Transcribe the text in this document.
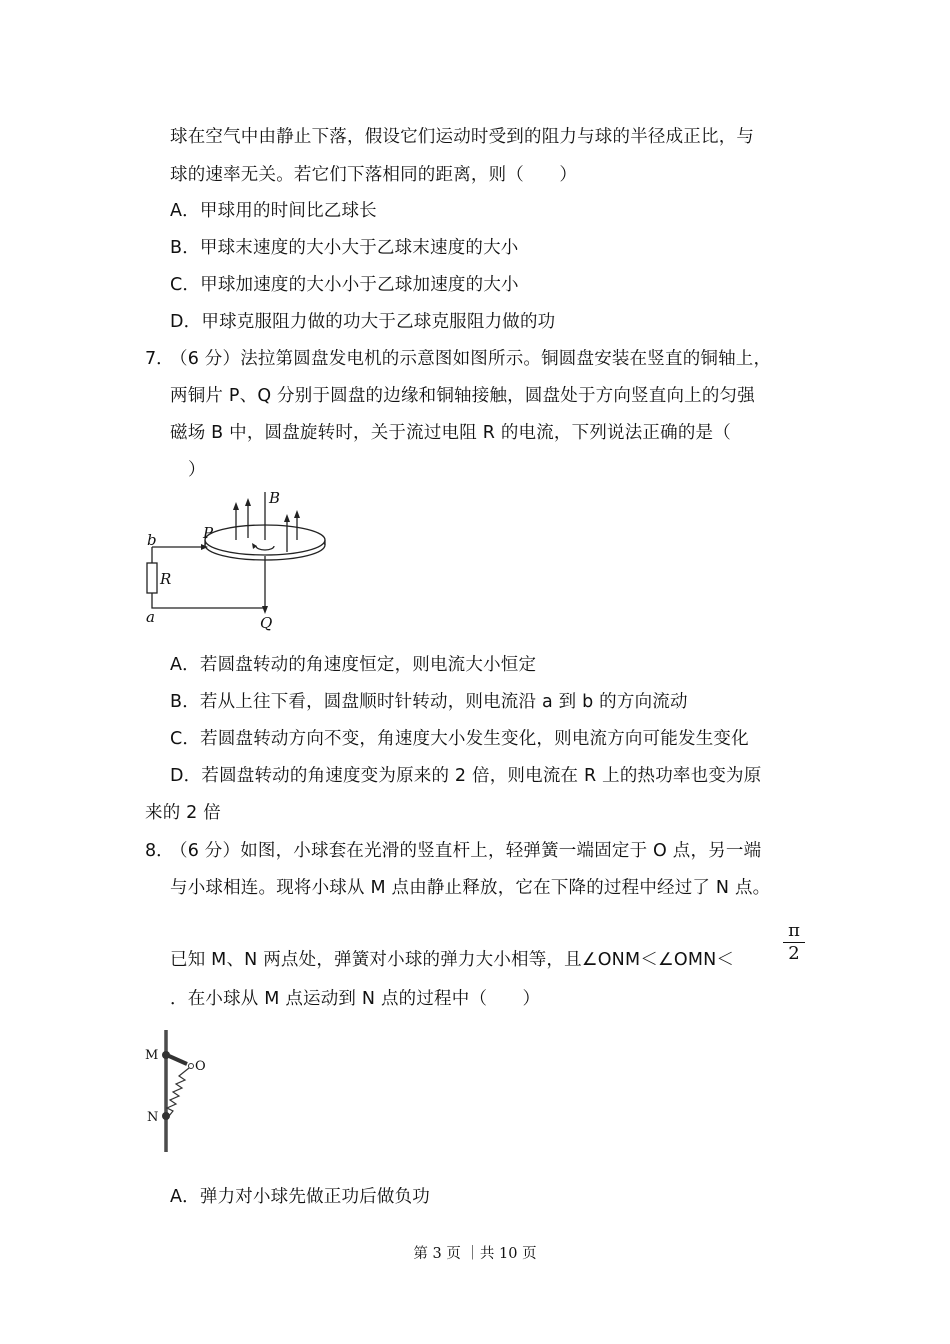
球在空气中由静止下落，假设它们运动时受到的阻力与球的半径成正比，与
球的速率无关。若它们下落相同的距离，则（　　）
A．甲球用的时间比乙球长
B．甲球末速度的大小大于乙球末速度的大小
C．甲球加速度的大小小于乙球加速度的大小
D．甲球克服阻力做的功大于乙球克服阻力做的功
7．
（6 分）法拉第圆盘发电机的示意图如图所示。铜圆盘安装在竖直的铜轴上，
两铜片 P、Q 分别于圆盘的边缘和铜轴接触，圆盘处于方向竖直向上的匀强
磁场 B 中，圆盘旋转时，关于流过电阻 R 的电流，下列说法正确的是（
）
b
a
P
Q
R
B
A．若圆盘转动的角速度恒定，则电流大小恒定
B．若从上往下看，圆盘顺时针转动，则电流沿 a 到 b 的方向流动
C．若圆盘转动方向不变，角速度大小发生变化，则电流方向可能发生变化
D．若圆盘转动的角速度变为原来的 2 倍，则电流在 R 上的热功率也变为原
来的 2 倍
8．
（6 分）如图，小球套在光滑的竖直杆上，轻弹簧一端固定于 O 点，另一端
与小球相连。现将小球从 M 点由静止释放，它在下降的过程中经过了 N 点。
已知 M、N 两点处，弹簧对小球的弹力大小相等，且∠ONM＜∠OMN＜
π
2
．在小球从 M 点运动到 N 点的过程中（　　）
M
O
N
A．弹力对小球先做正功后做负功
第 3 页 ｜共 10 页
